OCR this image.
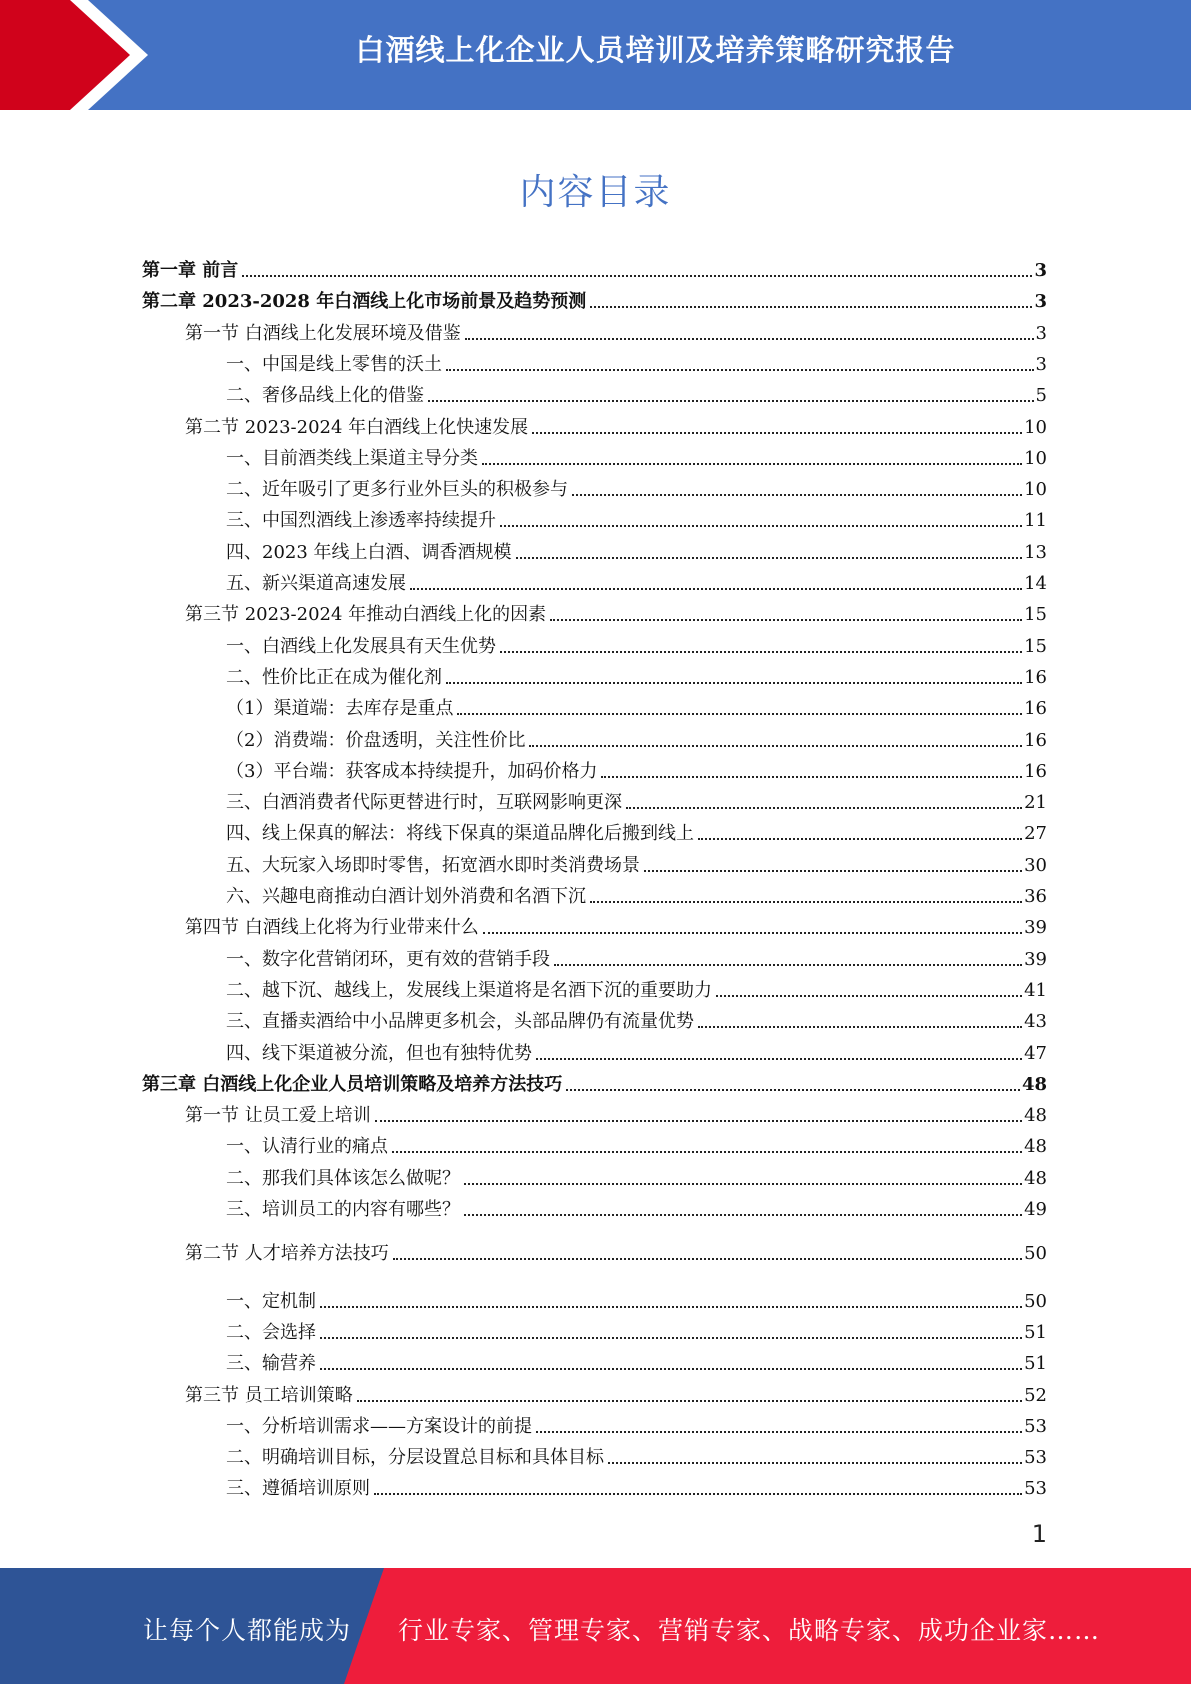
白酒线上化企业人员培训及培养策略研究报告
内容目录
第一章 前言	3
第二章 2023-2028 年白酒线上化市场前景及趋势预测	3
第一节 白酒线上化发展环境及借鉴	3
一、中国是线上零售的沃土	3
二、奢侈品线上化的借鉴	5
第二节 2023-2024 年白酒线上化快速发展	10
一、目前酒类线上渠道主导分类	10
二、近年吸引了更多行业外巨头的积极参与	10
三、中国烈酒线上渗透率持续提升	11
四、2023 年线上白酒、调香酒规模	13
五、新兴渠道高速发展	14
第三节 2023-2024 年推动白酒线上化的因素	15
一、白酒线上化发展具有天生优势	15
二、性价比正在成为催化剂	16
（1）渠道端：去库存是重点	16
（2）消费端：价盘透明，关注性价比	16
（3）平台端：获客成本持续提升，加码价格力	16
三、白酒消费者代际更替进行时，互联网影响更深	21
四、线上保真的解法：将线下保真的渠道品牌化后搬到线上	27
五、大玩家入场即时零售，拓宽酒水即时类消费场景	30
六、兴趣电商推动白酒计划外消费和名酒下沉	36
第四节 白酒线上化将为行业带来什么	39
一、数字化营销闭环，更有效的营销手段	39
二、越下沉、越线上，发展线上渠道将是名酒下沉的重要助力	41
三、直播卖酒给中小品牌更多机会，头部品牌仍有流量优势	43
四、线下渠道被分流，但也有独特优势	47
第三章 白酒线上化企业人员培训策略及培养方法技巧	48
第一节 让员工爱上培训	48
一、认清行业的痛点	48
二、那我们具体该怎么做呢？	48
三、培训员工的内容有哪些？	49
第二节 人才培养方法技巧	50
一、定机制	50
二、会选择	51
三、输营养	51
第三节 员工培训策略	52
一、分析培训需求——方案设计的前提	53
二、明确培训目标，分层设置总目标和具体目标	53
三、遵循培训原则	53
1
让每个人都能成为 行业专家、管理专家、营销专家、战略专家、成功企业家……
